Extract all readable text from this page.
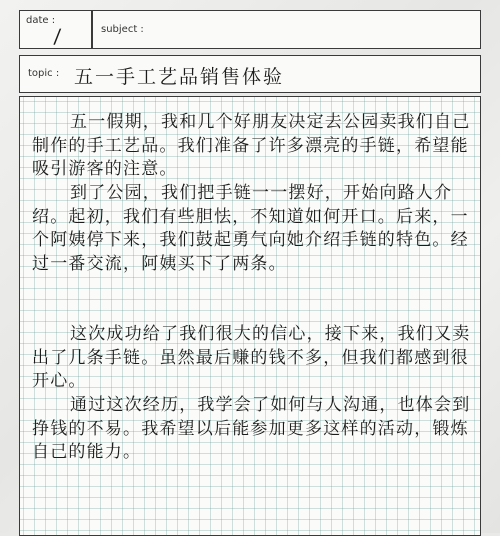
date :
/	subject :
topic : 五一手工艺品销售体验

五一假期，我和几个好朋友决定去公园卖我们自己制作的手工艺品。我们准备了许多漂亮的手链，希望能吸引游客的注意。

到了公园，我们把手链一一摆好，开始向路人介绍。起初，我们有些胆怯，不知道如何开口。后来，一个阿姨停下来，我们鼓起勇气向她介绍手链的特色。经过一番交流，阿姨买下了两条。

这次成功给了我们很大的信心，接下来，我们又卖出了几条手链。虽然最后赚的钱不多，但我们都感到很开心。

通过这次经历，我学会了如何与人沟通，也体会到挣钱的不易。我希望以后能参加更多这样的活动，锻炼自己的能力。
